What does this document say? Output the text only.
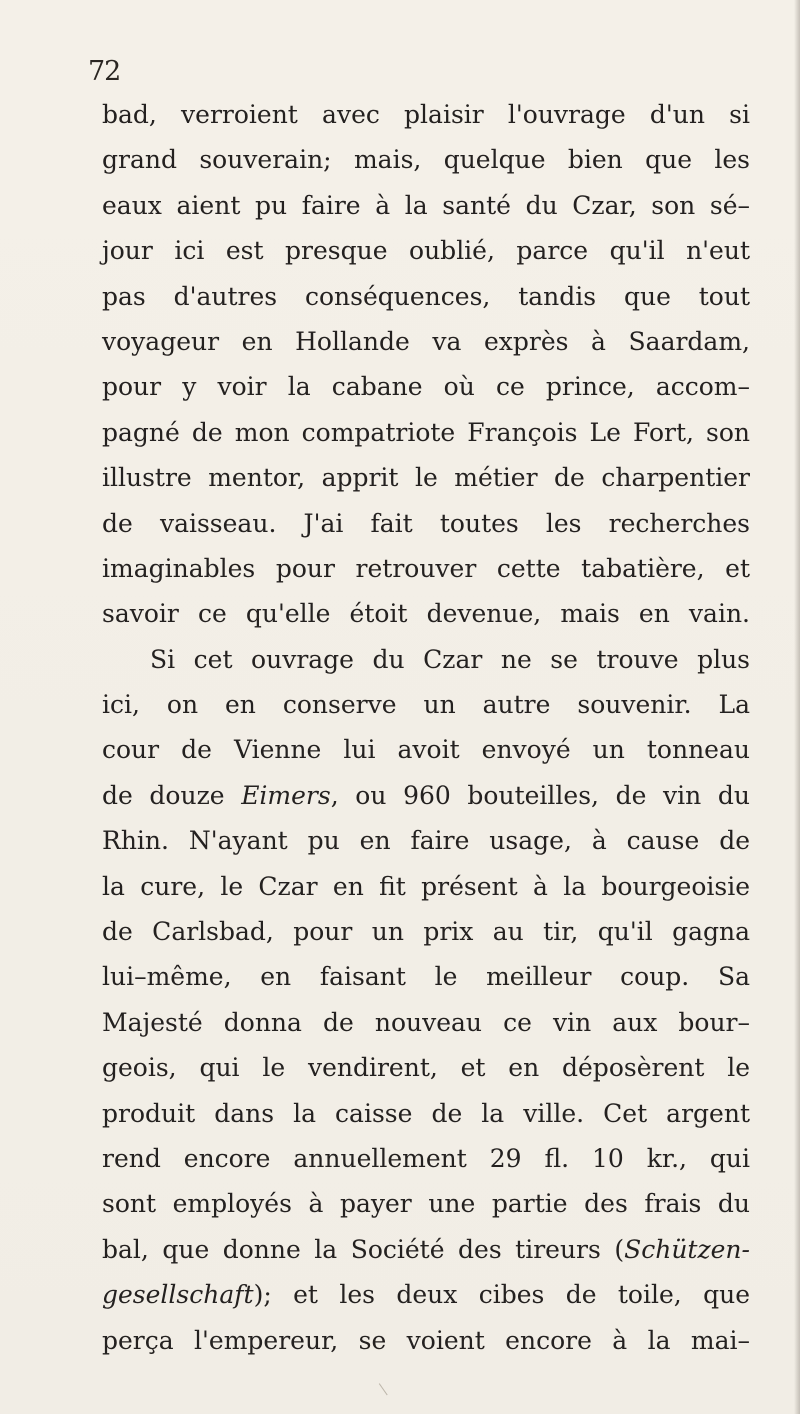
72
bad, verroient avec plaisir l'ouvrage d'un si
grand souverain; mais, quelque bien que les
eaux aient pu faire à la santé du Czar, son sé–
jour ici est presque oublié, parce qu'il n'eut
pas d'autres conséquences, tandis que tout
voyageur en Hollande va exprès à Saardam,
pour y voir la cabane où ce prince, accom–
pagné de mon compatriote François Le Fort, son
illustre mentor, apprit le métier de charpentier
de vaisseau. J'ai fait toutes les recherches
imaginables pour retrouver cette tabatière, et
savoir ce qu'elle étoit devenue, mais en vain.
Si cet ouvrage du Czar ne se trouve plus
ici, on en conserve un autre souvenir. La
cour de Vienne lui avoit envoyé un tonneau
de douze Eimers, ou 960 bouteilles, de vin du
Rhin. N'ayant pu en faire usage, à cause de
la cure, le Czar en fit présent à la bourgeoisie
de Carlsbad, pour un prix au tir, qu'il gagna
lui–même, en faisant le meilleur coup. Sa
Majesté donna de nouveau ce vin aux bour–
geois, qui le vendirent, et en déposèrent le
produit dans la caisse de la ville. Cet argent
rend encore annuellement 29 fl. 10 kr., qui
sont employés à payer une partie des frais du
bal, que donne la Société des tireurs (Schützen-
gesellschaft); et les deux cibes de toile, que
perça l'empereur, se voient encore à la mai–
